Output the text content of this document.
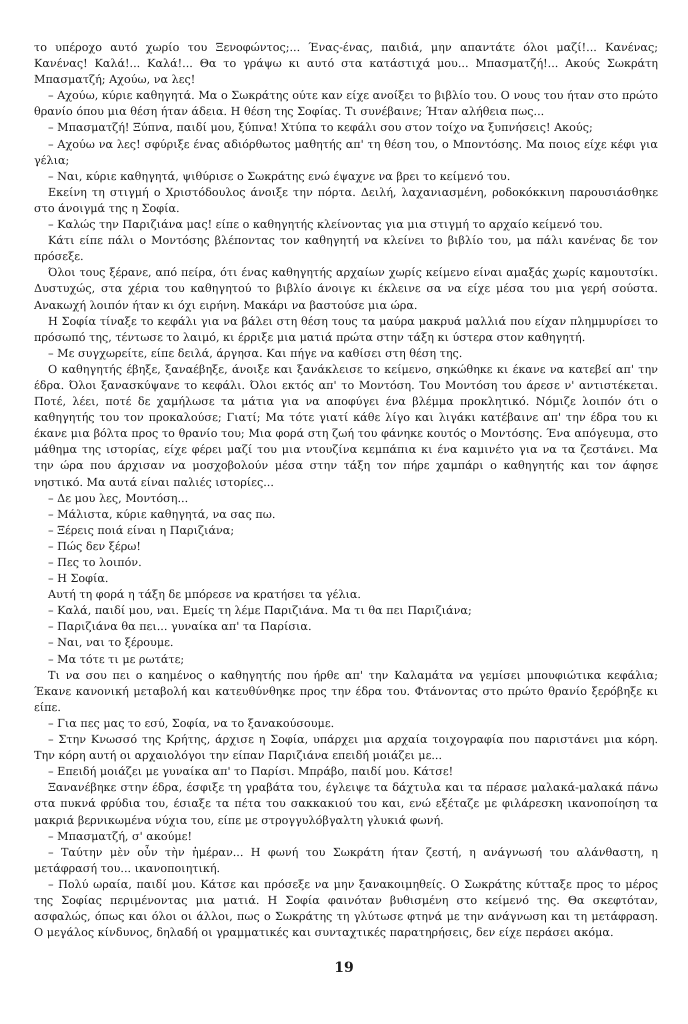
το υπέροχο αυτό χωρίο του Ξενοφώντος;... Ένας-ένας, παιδιά, μην απαντάτε όλοι μαζί!... Κανένας; Κανένας! Καλά!... Καλά!... Θα το γράψω κι αυτό στα κατάστιχά μου... Μπασματζή!... Ακούς Σωκράτη Μπασματζή; Αχούω, να λες!

– Αχούω, κύριε καθηγητά. Μα ο Σωκράτης ούτε καν είχε ανοίξει το βιβλίο του. Ο νους του ήταν στο πρώτο θρανίο όπου μια θέση ήταν άδεια. Η θέση της Σοφίας. Τι συνέβαινε; Ήταν αλήθεια πως...

– Μπασματζή! Ξύπνα, παιδί μου, ξύπνα! Χτύπα το κεφάλι σου στον τοίχο να ξυπνήσεις! Ακούς;

– Αχούω να λες! σφύριξε ένας αδιόρθωτος μαθητής απ' τη θέση του, ο Μποντόσης. Μα ποιος είχε κέφι για γέλια;

– Ναι, κύριε καθηγητά, ψιθύρισε ο Σωκράτης ενώ έψαχνε να βρει το κείμενό του.

Εκείνη τη στιγμή ο Χριστόδουλος άνοιξε την πόρτα. Δειλή, λαχανιασμένη, ροδοκόκκινη παρουσιάσθηκε στο άνοιγμά της η Σοφία.

– Καλώς την Παριζιάνα μας! είπε ο καθηγητής κλείνοντας για μια στιγμή το αρχαίο κείμενό του.

Κάτι είπε πάλι ο Μοντόσης βλέποντας τον καθηγητή να κλείνει το βιβλίο του, μα πάλι κανένας δε τον πρόσεξε.

Όλοι τους ξέρανε, από πείρα, ότι ένας καθηγητής αρχαίων χωρίς κείμενο είναι αμαξάς χωρίς καμουτσίκι. Δυστυχώς, στα χέρια του καθηγητού το βιβλίο άνοιγε κι έκλεινε σα να είχε μέσα του μια γερή σούστα. Ανακωχή λοιπόν ήταν κι όχι ειρήνη. Μακάρι να βαστούσε μια ώρα.

Η Σοφία τίναξε το κεφάλι για να βάλει στη θέση τους τα μαύρα μακρυά μαλλιά που είχαν πλημμυρίσει το πρόσωπό της, τέντωσε το λαιμό, κι έρριξε μια ματιά πρώτα στην τάξη κι ύστερα στον καθηγητή.

– Με συγχωρείτε, είπε δειλά, άργησα. Και πήγε να καθίσει στη θέση της.

Ο καθηγητής έβηξε, ξαναέβηξε, άνοιξε και ξανάκλεισε το κείμενο, σηκώθηκε κι έκανε να κατεβεί απ' την έδρα. Όλοι ξανασκύψανε το κεφάλι. Όλοι εκτός απ' το Μοντόση. Του Μοντόση του άρεσε ν' αντιστέκεται. Ποτέ, λέει, ποτέ δε χαμήλωσε τα μάτια για να αποφύγει ένα βλέμμα προκλητικό. Νόμιζε λοιπόν ότι ο καθηγητής του τον προκαλούσε; Γιατί; Μα τότε γιατί κάθε λίγο και λιγάκι κατέβαινε απ' την έδρα του κι έκανε μια βόλτα προς το θρανίο του; Μια φορά στη ζωή του φάνηκε κουτός ο Μοντόσης. Ένα απόγευμα, στο μάθημα της ιστορίας, είχε φέρει μαζί του μια ντουζίνα κεμπάπια κι ένα καμινέτο για να τα ζεστάνει. Μα την ώρα που άρχισαν να μοσχοβολούν μέσα στην τάξη τον πήρε χαμπάρι ο καθηγητής και τον άφησε νηστικό. Μα αυτά είναι παλιές ιστορίες...

– Δε μου λες, Μοντόση...

– Μάλιστα, κύριε καθηγητά, να σας πω.

– Ξέρεις ποιά είναι η Παριζιάνα;

– Πώς δεν ξέρω!

– Πες το λοιπόν.

– Η Σοφία.

Αυτή τη φορά η τάξη δε μπόρεσε να κρατήσει τα γέλια.

– Καλά, παιδί μου, ναι. Εμείς τη λέμε Παριζιάνα. Μα τι θα πει Παριζιάνα;

– Παριζιάνα θα πει... γυναίκα απ' τα Παρίσια.

– Ναι, ναι το ξέρουμε.

– Μα τότε τι με ρωτάτε;

Τι να σου πει ο καημένος ο καθηγητής που ήρθε απ' την Καλαμάτα να γεμίσει μπουφιώτικα κεφάλια; Έκανε κανονική μεταβολή και κατευθύνθηκε προς την έδρα του. Φτάνοντας στο πρώτο θρανίο ξερόβηξε κι είπε.

– Για πες μας το εσύ, Σοφία, να το ξανακούσουμε.

– Στην Κνωσσό της Κρήτης, άρχισε η Σοφία, υπάρχει μια αρχαία τοιχογραφία που παριστάνει μια κόρη. Την κόρη αυτή οι αρχαιολόγοι την είπαν Παριζιάνα επειδή μοιάζει με...

– Επειδή μοιάζει με γυναίκα απ' το Παρίσι. Μπράβο, παιδί μου. Κάτσε!

Ξανανέβηκε στην έδρα, έσφιξε τη γραβάτα του, έγλειψε τα δάχτυλα και τα πέρασε μαλακά-μαλακά πάνω στα πυκνά φρύδια του, έσιαξε τα πέτα του σακκακιού του και, ενώ εξέταζε με φιλάρεσκη ικανοποίηση τα μακριά βερνικωμένα νύχια του, είπε με στρογγυλόβγαλτη γλυκιά φωνή.

– Μπασματζή, σ' ακούμε!

– Ταύτην μὲν οὖν τὴν ἡμέραν... Η φωνή του Σωκράτη ήταν ζεστή, η ανάγνωσή του αλάνθαστη, η μετάφρασή του... ικανοποιητική.

– Πολύ ωραία, παιδί μου. Κάτσε και πρόσεξε να μην ξανακοιμηθείς. Ο Σωκράτης κύτταξε προς το μέρος της Σοφίας περιμένοντας μια ματιά. Η Σοφία φαινόταν βυθισμένη στο κείμενό της. Θα σκεφτόταν, ασφαλώς, όπως και όλοι οι άλλοι, πως ο Σωκράτης τη γλύτωσε φτηνά με την ανάγνωση και τη μετάφραση. Ο μεγάλος κίνδυνος, δηλαδή οι γραμματικές και συνταχτικές παρατηρήσεις, δεν είχε περάσει ακόμα.

19
